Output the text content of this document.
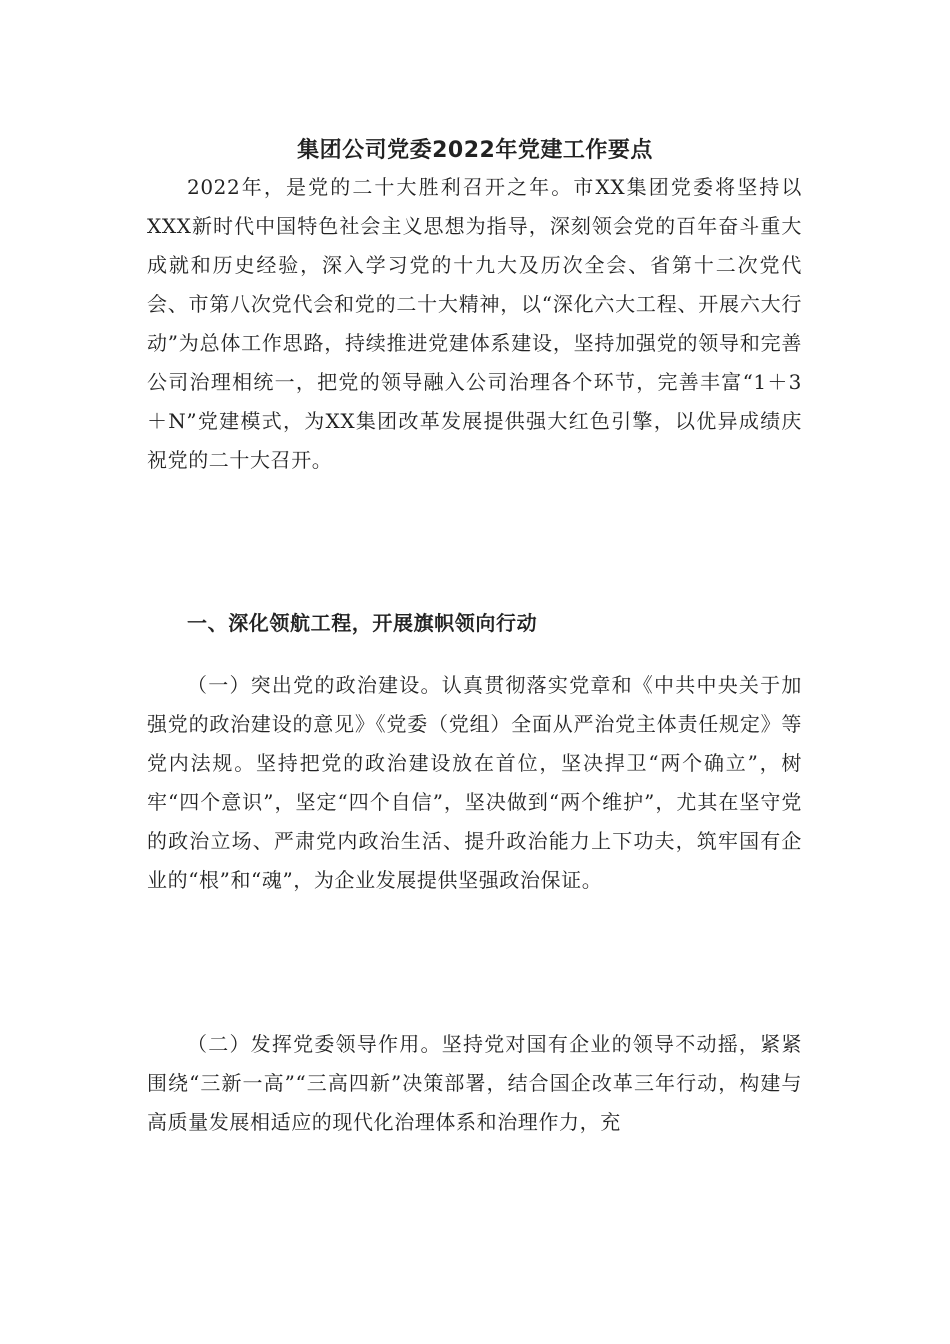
集团公司党委2022年党建工作要点

2022年，是党的二十大胜利召开之年。市XX集团党委将坚持以XXX新时代中国特色社会主义思想为指导，深刻领会党的百年奋斗重大成就和历史经验，深入学习党的十九大及历次全会、省第十二次党代会、市第八次党代会和党的二十大精神，以“深化六大工程、开展六大行动”为总体工作思路，持续推进党建体系建设，坚持加强党的领导和完善公司治理相统一，把党的领导融入公司治理各个环节，完善丰富“1＋3＋N”党建模式，为XX集团改革发展提供强大红色引擎，以优异成绩庆祝党的二十大召开。

一、深化领航工程，开展旗帜领向行动

（一）突出党的政治建设。认真贯彻落实党章和《中共中央关于加强党的政治建设的意见》《党委（党组）全面从严治党主体责任规定》等党内法规。坚持把党的政治建设放在首位，坚决捍卫“两个确立”，树牢“四个意识”，坚定“四个自信”，坚决做到“两个维护”，尤其在坚守党的政治立场、严肃党内政治生活、提升政治能力上下功夫，筑牢国有企业的“根”和“魂”，为企业发展提供坚强政治保证。

（二）发挥党委领导作用。坚持党对国有企业的领导不动摇，紧紧围绕“三新一高”“三高四新”决策部署，结合国企改革三年行动，构建与高质量发展相适应的现代化治理体系和治理作力，充
